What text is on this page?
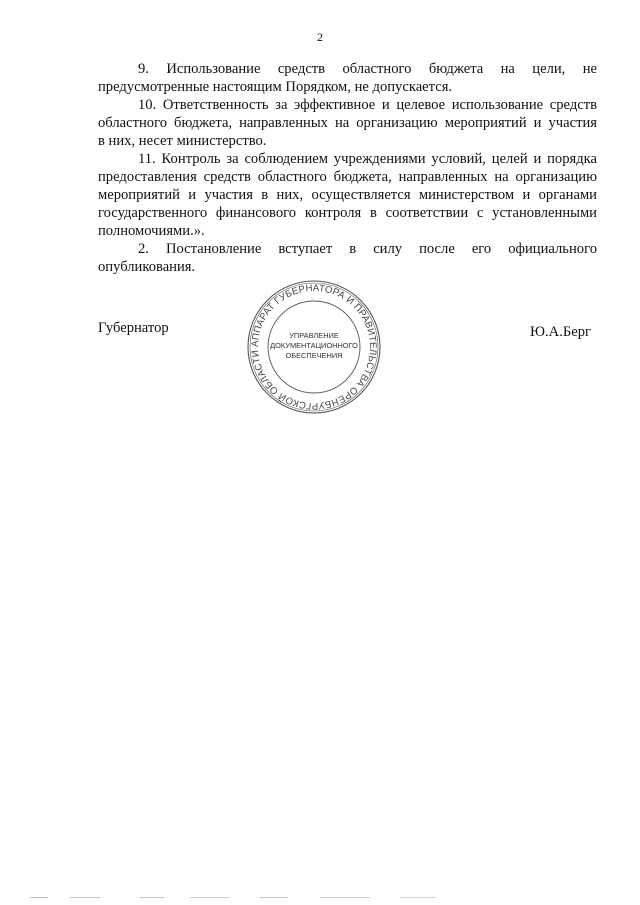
2

9. Использование средств областного бюджета на цели, не
предусмотренные настоящим Порядком, не допускается.

10. Ответственность за эффективное и целевое использование средств
областного бюджета, направленных на организацию мероприятий и участия
в них, несет министерство.

11. Контроль за соблюдением учреждениями условий, целей и порядка
предоставления средств областного бюджета, направленных на организацию
мероприятий и участия в них, осуществляется министерством и органами
государственного финансового контроля в соответствии с установленными
полномочиями.».

2. Постановление вступает в силу после его официального
опубликования.

Губернатор	Ю.А.Берг
АППАРАТ ГУБЕРНАТОРА И ПРАВИТЕЛЬСТВА ОРЕНБУРГСКОЙ ОБЛАСТИ
УПРАВЛЕНИЕ
ДОКУМЕНТАЦИОННОГО
ОБЕСПЕЧЕНИЯ
